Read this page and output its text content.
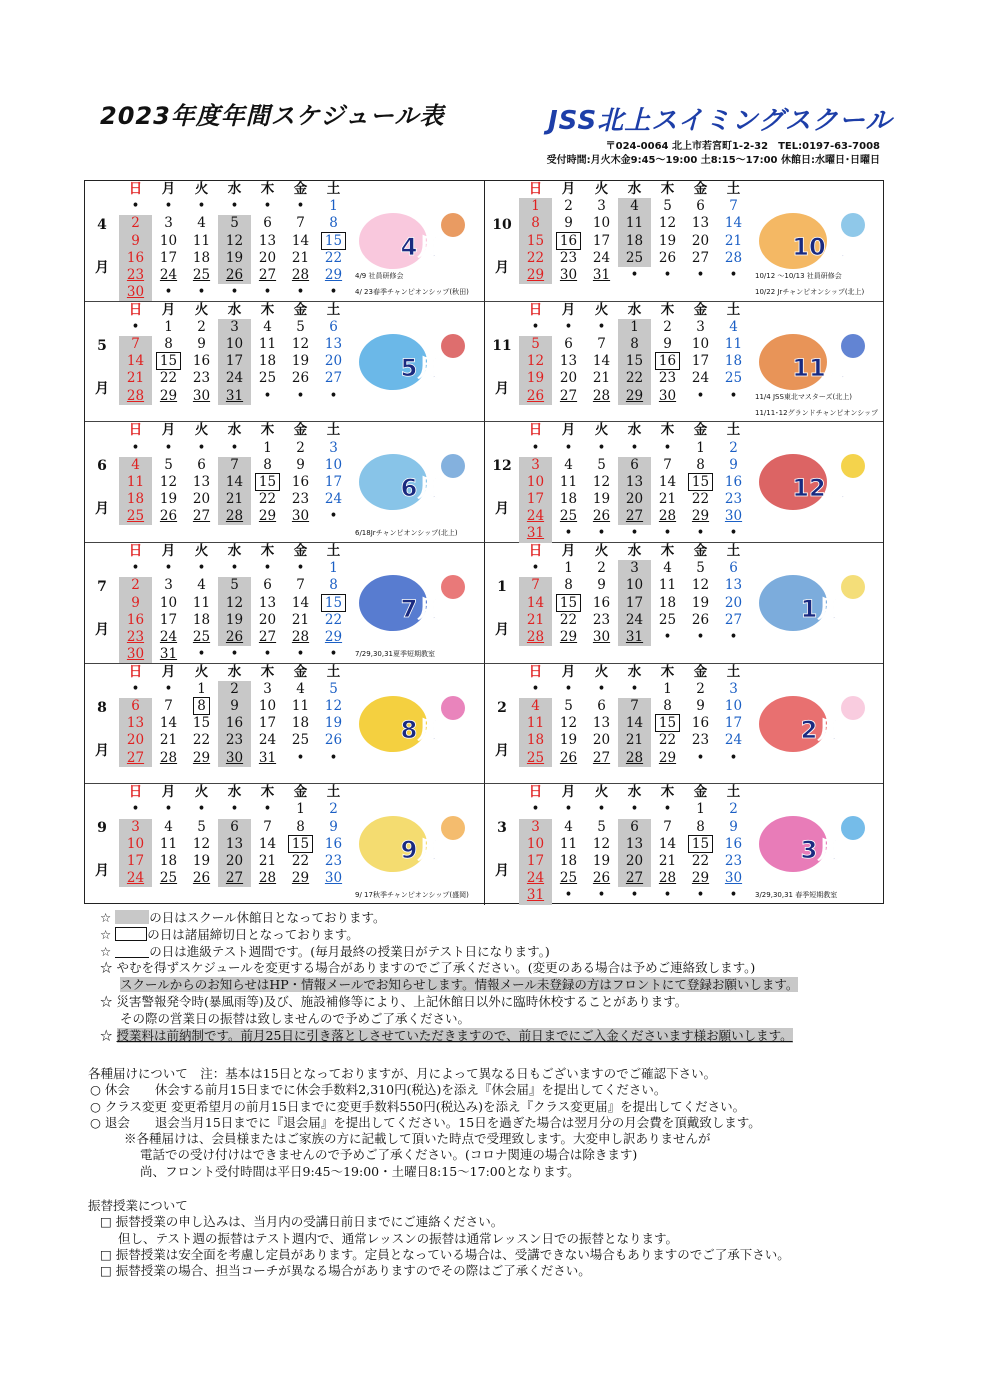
2023年度年間スケジュール表	JSS北上スイミングスクール
〒024-0064 北上市若宮町1-2-32　TEL:0197-63-7008
受付時間:月火木金9:45～19:00 土8:15～17:00 休館日:水曜日･日曜日
4
月
日	月	火	水	木	金	土
•	•	•	•	•	•	1
2	3	4	5	6	7	8
9	10	11	12	13	14	15
16	17	18	19	20	21	22
23	24	25	26	27	28	29
30	•	•	•	•	•	•
4月
4/9 社員研修会
4/ 23春季チャンピオンシップ(秋田)
10
月
日	月	火	水	木	金	土
1	2	3	4	5	6	7
8	9	10	11	12	13	14
15	16	17	18	19	20	21
22	23	24	25	26	27	28
29	30	31	•	•	•	•
10月
10/12 ～10/13 社員研修会
10/22 Jrチャンピオンシップ(北上)
5
月
日	月	火	水	木	金	土
•	1	2	3	4	5	6
7	8	9	10	11	12	13
14	15	16	17	18	19	20
21	22	23	24	25	26	27
28	29	30	31	•	•	•
5月
11
月
日	月	火	水	木	金	土
•	•	•	1	2	3	4
5	6	7	8	9	10	11
12	13	14	15	16	17	18
19	20	21	22	23	24	25
26	27	28	29	30	•	•
11月
11/4 JSS東北マスターズ(北上)
11/11･12グランドチャンピオンシップ
6
月
日	月	火	水	木	金	土
•	•	•	•	1	2	3
4	5	6	7	8	9	10
11	12	13	14	15	16	17
18	19	20	21	22	23	24
25	26	27	28	29	30	•
6月
6/18Jrチャンピオンシップ(北上)
12
月
日	月	火	水	木	金	土
•	•	•	•	•	1	2
3	4	5	6	7	8	9
10	11	12	13	14	15	16
17	18	19	20	21	22	23
24	25	26	27	28	29	30
31	•	•	•	•	•	•
12月
7
月
日	月	火	水	木	金	土
•	•	•	•	•	•	1
2	3	4	5	6	7	8
9	10	11	12	13	14	15
16	17	18	19	20	21	22
23	24	25	26	27	28	29
30	31	•	•	•	•	•
7月
7/29,30,31夏季短期教室
1
月
日	月	火	水	木	金	土
•	1	2	3	4	5	6
7	8	9	10	11	12	13
14	15	16	17	18	19	20
21	22	23	24	25	26	27
28	29	30	31	•	•	•
1月
8
月
日	月	火	水	木	金	土
•	•	1	2	3	4	5
6	7	8	9	10	11	12
13	14	15	16	17	18	19
20	21	22	23	24	25	26
27	28	29	30	31	•	•
8月
2
月
日	月	火	水	木	金	土
•	•	•	•	1	2	3
4	5	6	7	8	9	10
11	12	13	14	15	16	17
18	19	20	21	22	23	24
25	26	27	28	29	•	•
2月
9
月
日	月	火	水	木	金	土
•	•	•	•	•	1	2
3	4	5	6	7	8	9
10	11	12	13	14	15	16
17	18	19	20	21	22	23
24	25	26	27	28	29	30
9月
9/ 17秋季チャンピオンシップ(盛岡)
3
月
日	月	火	水	木	金	土
•	•	•	•	•	1	2
3	4	5	6	7	8	9
10	11	12	13	14	15	16
17	18	19	20	21	22	23
24	25	26	27	28	29	30
31	•	•	•	•	•	•
3月
3/29,30,31 春季短期教室
☆	の日はスクール休館日となっております。
☆	の日は諸届締切日となっております。
☆	の日は進級テスト週間です。(毎月最終の授業日がテスト日になります。)
☆ やむを得ずスケジュールを変更する場合がありますのでご了承ください。(変更のある場合は予めご連絡致します。)
スクールからのお知らせはHP・情報メールでお知らせします。情報メール未登録の方はフロントにて登録お願いします。
☆ 災害警報発令時(暴風雨等)及び、施設補修等により、上記休館日以外に臨時休校することがあります。
その際の営業日の振替は致しませんので予めご了承ください。
☆ 授業料は前納制です。前月25日に引き落としさせていただきますので、前日までにご入金くださいます様お願いします。
各種届けについて　注：基本は15日となっておりますが、月によって異なる日もございますのでご確認下さい。
○ 休会　　休会する前月15日までに休会手数料2,310円(税込)を添え『休会届』を提出してください。
○ クラス変更 変更希望月の前月15日までに変更手数料550円(税込み)を添え『クラス変更届』を提出してください。
○ 退会　　退会当月15日までに『退会届』を提出してください。15日を過ぎた場合は翌月分の月会費を頂戴致します。
※各種届けは、会員様またはご家族の方に記載して頂いた時点で受理致します。大変申し訳ありませんが
電話での受け付けはできませんので予めご了承ください。(コロナ関連の場合は除きます)
尚、フロント受付時間は平日9:45～19:00・土曜日8:15～17:00となります。
振替授業について
□ 振替授業の申し込みは、当月内の受講日前日までにご連絡ください。
但し、テスト週の振替はテスト週内で、通常レッスンの振替は通常レッスン日での振替となります。
□ 振替授業は安全面を考慮し定員があります。定員となっている場合は、受講できない場合もありますのでご了承下さい。
□ 振替授業の場合、担当コーチが異なる場合がありますのでその際はご了承ください。
